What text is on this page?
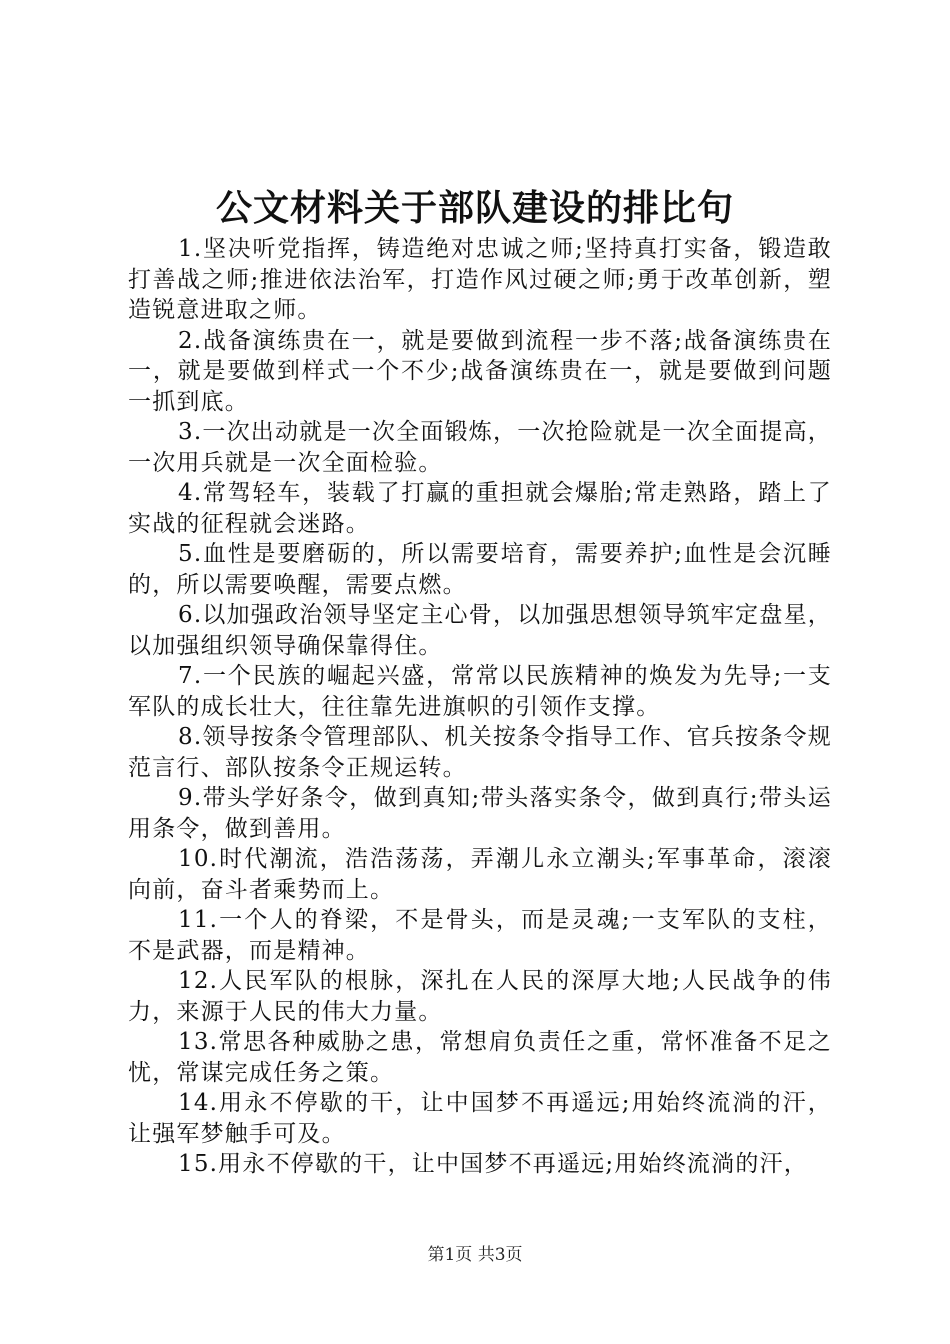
公文材料关于部队建设的排比句

1.坚决听党指挥，铸造绝对忠诚之师;坚持真打实备，锻造敢打善战之师;推进依法治军，打造作风过硬之师;勇于改革创新，塑造锐意进取之师。

2.战备演练贵在一，就是要做到流程一步不落;战备演练贵在一，就是要做到样式一个不少;战备演练贵在一，就是要做到问题一抓到底。

3.一次出动就是一次全面锻炼，一次抢险就是一次全面提高，一次用兵就是一次全面检验。

4.常驾轻车，装载了打赢的重担就会爆胎;常走熟路，踏上了实战的征程就会迷路。

5.血性是要磨砺的，所以需要培育，需要养护;血性是会沉睡的，所以需要唤醒，需要点燃。

6.以加强政治领导坚定主心骨，以加强思想领导筑牢定盘星，以加强组织领导确保靠得住。

7.一个民族的崛起兴盛，常常以民族精神的焕发为先导;一支军队的成长壮大，往往靠先进旗帜的引领作支撑。

8.领导按条令管理部队、机关按条令指导工作、官兵按条令规范言行、部队按条令正规运转。

9.带头学好条令，做到真知;带头落实条令，做到真行;带头运用条令，做到善用。

10.时代潮流，浩浩荡荡，弄潮儿永立潮头;军事革命，滚滚向前，奋斗者乘势而上。

11.一个人的脊梁，不是骨头，而是灵魂;一支军队的支柱，不是武器，而是精神。

12.人民军队的根脉，深扎在人民的深厚大地;人民战争的伟力，来源于人民的伟大力量。

13.常思各种威胁之患，常想肩负责任之重，常怀准备不足之忧，常谋完成任务之策。

14.用永不停歇的干，让中国梦不再遥远;用始终流淌的汗，让强军梦触手可及。

15.用永不停歇的干，让中国梦不再遥远;用始终流淌的汗，

第1页 共3页
